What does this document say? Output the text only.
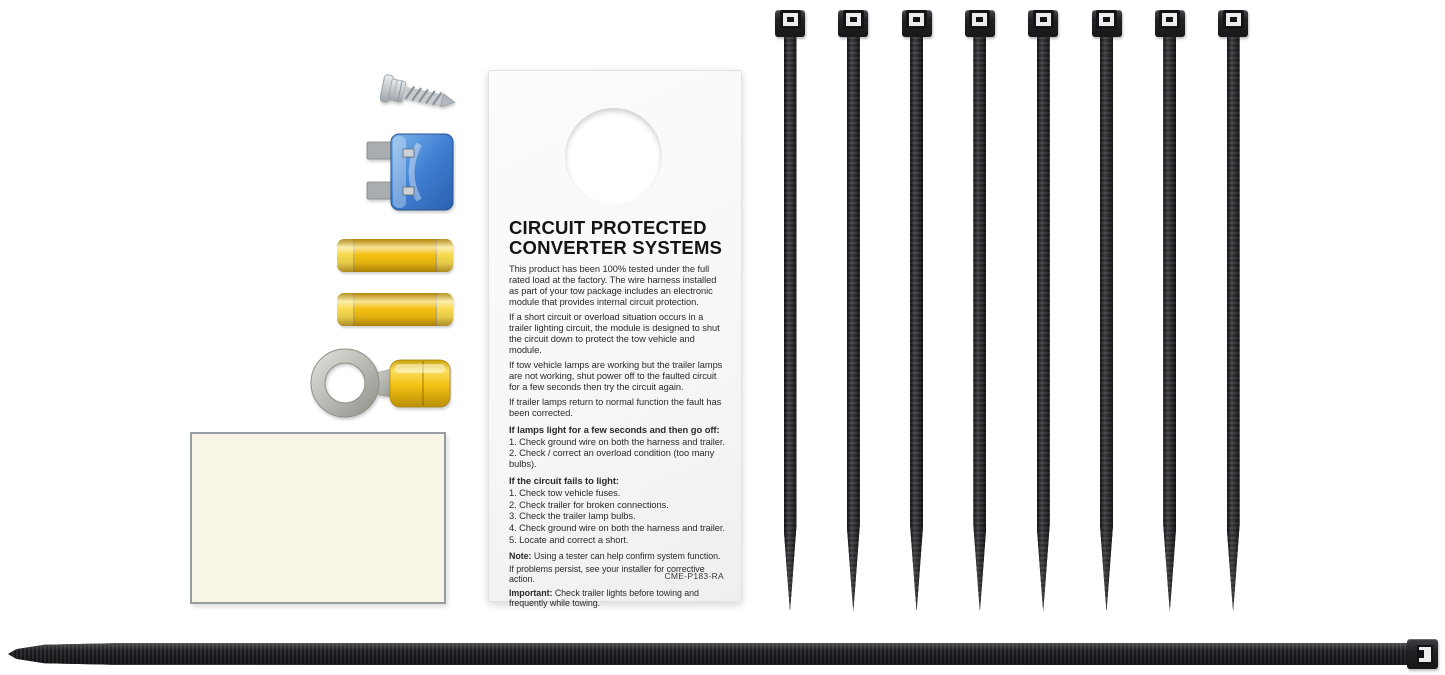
CIRCUIT PROTECTED
CONVERTER SYSTEMS

This product has been 100% tested under the full rated load at the factory. The wire harness installed as part of your tow package includes an electronic module that provides internal circuit protection.

If a short circuit or overload situation occurs in a trailer lighting circuit, the module is designed to shut the circuit down to protect the tow vehicle and module.

If tow vehicle lamps are working but the trailer lamps are not working, shut power off to the faulted circuit for a few seconds then try the circuit again.

If trailer lamps return to normal function the fault has been corrected.

If lamps light for a few seconds and then go off:

1. Check ground wire on both the harness and trailer.

2. Check / correct an overload condition (too many bulbs).

If the circuit fails to light:

1. Check tow vehicle fuses.

2. Check trailer for broken connections.

3. Check the trailer lamp bulbs.

4. Check ground wire on both the harness and trailer.

5. Locate and correct a short.

Note: Using a tester can help confirm system function.

If problems persist, see your installer for corrective action.

Important: Check trailer lights before towing and frequently while towing.

CME-P183-RA
